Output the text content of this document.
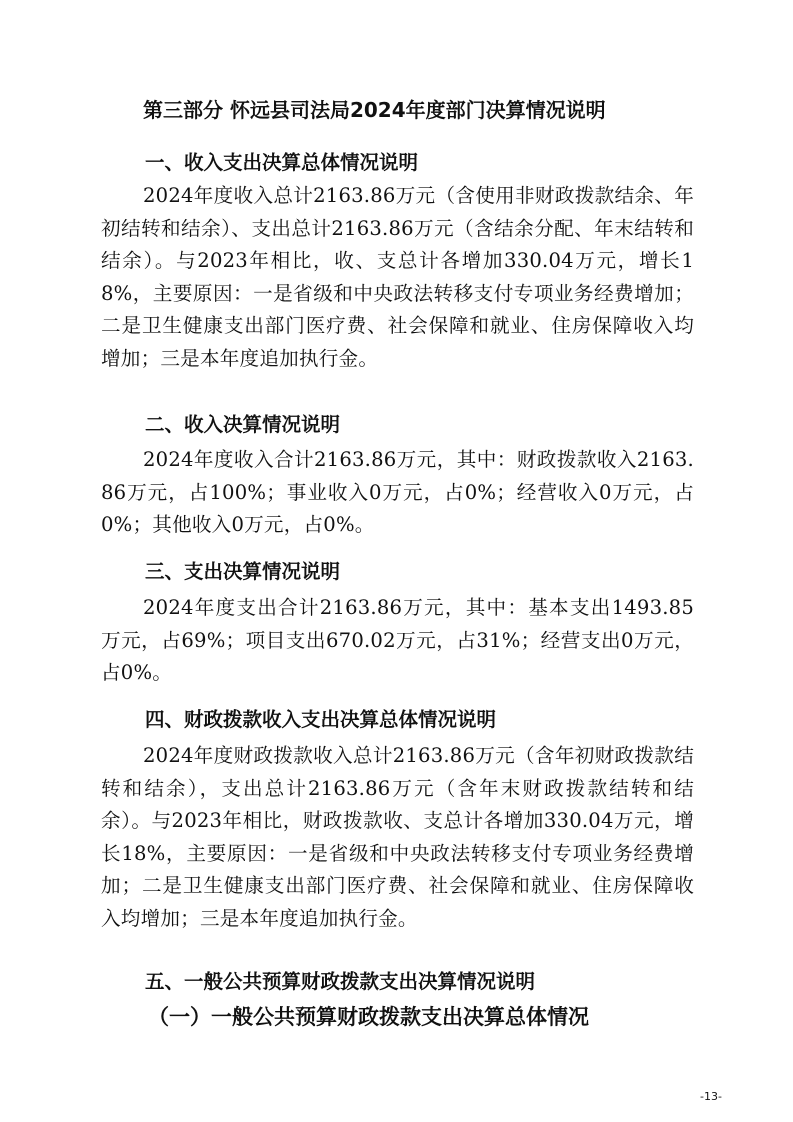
第三部分 怀远县司法局2024年度部门决算情况说明
一、收入支出决算总体情况说明
2024年度收入总计2163.86万元（含使用非财政拨款结余、年初结转和结余）、支出总计2163.86万元（含结余分配、年末结转和结余）。与2023年相比，收、支总计各增加330.04万元，增长18%，主要原因：一是省级和中央政法转移支付专项业务经费增加；二是卫生健康支出部门医疗费、社会保障和就业、住房保障收入均增加；三是本年度追加执行金。
二、收入决算情况说明
2024年度收入合计2163.86万元，其中：财政拨款收入2163.86万元，占100%；事业收入0万元，占0%；经营收入0万元，占0%；其他收入0万元，占0%。
三、支出决算情况说明
2024年度支出合计2163.86万元，其中：基本支出1493.85万元，占69%；项目支出670.02万元，占31%；经营支出0万元，占0%。
四、财政拨款收入支出决算总体情况说明
2024年度财政拨款收入总计2163.86万元（含年初财政拨款结转和结余），支出总计2163.86万元（含年末财政拨款结转和结余）。与2023年相比，财政拨款收、支总计各增加330.04万元，增长18%，主要原因：一是省级和中央政法转移支付专项业务经费增加；二是卫生健康支出部门医疗费、社会保障和就业、住房保障收入均增加；三是本年度追加执行金。
五、一般公共预算财政拨款支出决算情况说明
（一）一般公共预算财政拨款支出决算总体情况
-13-
